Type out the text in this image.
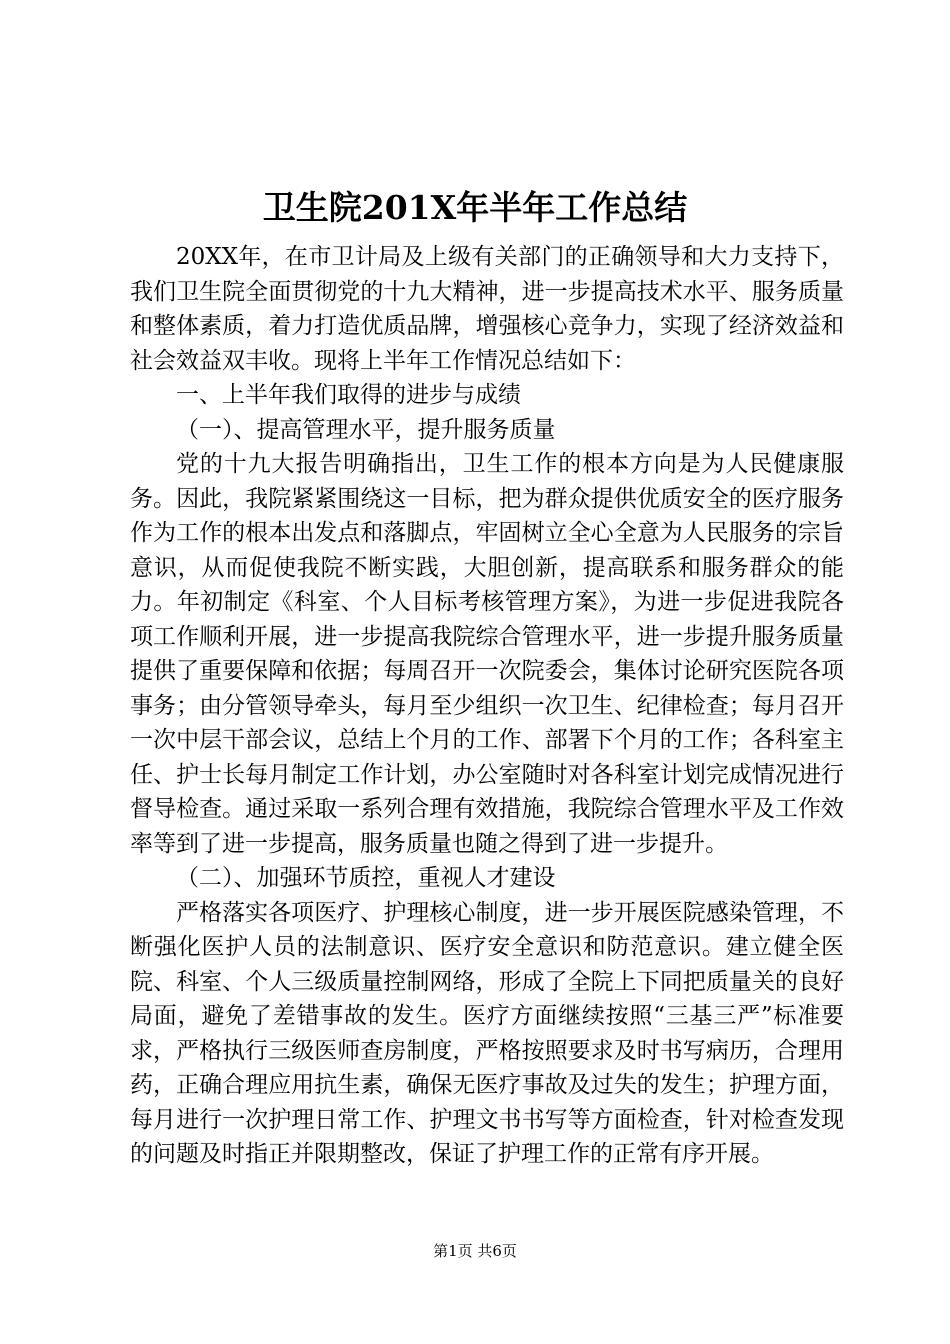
卫生院201X年半年工作总结

20XX年，在市卫计局及上级有关部门的正确领导和大力支持下，我们卫生院全面贯彻党的十九大精神，进一步提高技术水平、服务质量和整体素质，着力打造优质品牌，增强核心竞争力，实现了经济效益和社会效益双丰收。现将上半年工作情况总结如下：

一、上半年我们取得的进步与成绩

（一）、提高管理水平，提升服务质量

党的十九大报告明确指出，卫生工作的根本方向是为人民健康服务。因此，我院紧紧围绕这一目标，把为群众提供优质安全的医疗服务作为工作的根本出发点和落脚点，牢固树立全心全意为人民服务的宗旨意识，从而促使我院不断实践，大胆创新，提高联系和服务群众的能力。年初制定《科室、个人目标考核管理方案》，为进一步促进我院各项工作顺利开展，进一步提高我院综合管理水平，进一步提升服务质量提供了重要保障和依据；每周召开一次院委会，集体讨论研究医院各项事务；由分管领导牵头，每月至少组织一次卫生、纪律检查；每月召开一次中层干部会议，总结上个月的工作、部署下个月的工作；各科室主任、护士长每月制定工作计划，办公室随时对各科室计划完成情况进行督导检查。通过采取一系列合理有效措施，我院综合管理水平及工作效率等到了进一步提高，服务质量也随之得到了进一步提升。

（二）、加强环节质控，重视人才建设

严格落实各项医疗、护理核心制度，进一步开展医院感染管理，不断强化医护人员的法制意识、医疗安全意识和防范意识。建立健全医院、科室、个人三级质量控制网络，形成了全院上下同把质量关的良好局面，避免了差错事故的发生。医疗方面继续按照“三基三严”标准要求，严格执行三级医师查房制度，严格按照要求及时书写病历，合理用药，正确合理应用抗生素，确保无医疗事故及过失的发生；护理方面，每月进行一次护理日常工作、护理文书书写等方面检查，针对检查发现的问题及时指正并限期整改，保证了护理工作的正常有序开展。

第1页 共6页
